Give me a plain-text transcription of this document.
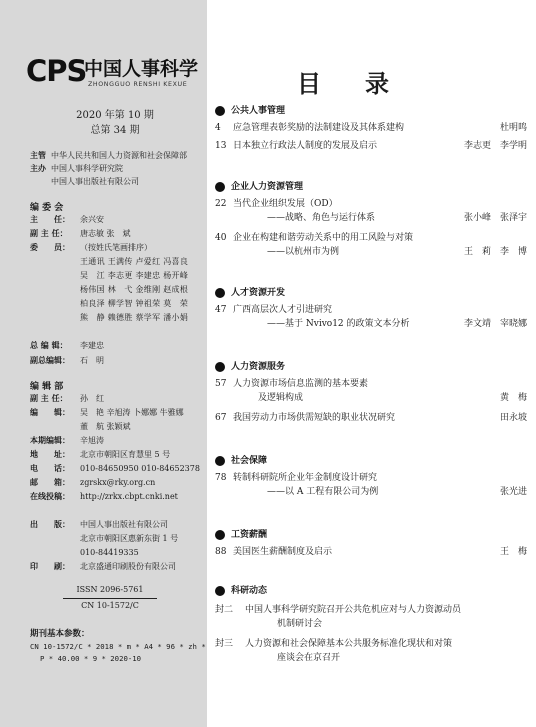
CPS
中国人事科学
ZHONGGUO RENSHI KEXUE
2020 年第 10 期
总第 34 期
主管 中华人民共和国人力资源和社会保障部
主办 中国人事科学研究院
中国人事出版社有限公司
编 委 会
主　　任： 余兴安
副 主 任： 唐志敏 张　斌
委　　员： （按姓氏笔画排序）
王通讯 王满传 卢爱红 冯喜良
吴　江 李志更 李建忠 杨开峰
杨伟国 林　弋 金维刚 赵成根
柏良泽 柳学智 钟祖荣 莫　荣
熊　静 赖德胜 蔡学军 潘小娟
总 编 辑： 李建忠
副总编辑： 石　明
编 辑 部
副 主 任： 孙　红
编　　辑： 吴　艳 辛旭涛 卜娜娜 牛雅娜
董　航 张颖斌
本期编辑： 辛旭涛
地　　址： 北京市朝阳区育慧里 5 号
电　　话： 010-84650950 010-84652378
邮　　箱： zgrskx@rky.org.cn
在线投稿： http://zrkx.cbpt.cnki.net
出　　版： 中国人事出版社有限公司
北京市朝阳区惠新东街 1 号
010-84419335
印　　刷： 北京盛通印刷股份有限公司
ISSN 2096-5761
CN 10-1572/C
期刊基本参数：
CN 10-1572/C * 2018 * m * A4 * 96 * zh *
P * 40.00 * 9 * 2020-10
目录
公共人事管理
4 应急管理表彰奖励的法制建设及其体系建构	杜明鸣
13 日本独立行政法人制度的发展及启示	李志更　李学明
企业人力资源管理
22 当代企业组织发展（OD）
——战略、角色与运行体系	张小峰　张泽宇
40 企业在构建和谐劳动关系中的用工风险与对策
——以杭州市为例	王　莉　李　博
人才资源开发
47 广西高层次人才引进研究
——基于 Nvivo12 的政策文本分析	李文靖　宰晓娜
人力资源服务
57 人力资源市场信息监测的基本要素
及逻辑构成	黄　梅
67 我国劳动力市场供需短缺的职业状况研究	田永坡
社会保障
78 转制科研院所企业年金制度设计研究
——以 A 工程有限公司为例	张光进
工资薪酬
88 美国医生薪酬制度及启示	王　梅
科研动态
封二 中国人事科学研究院召开公共危机应对与人力资源动员
机制研讨会
封三 人力资源和社会保障基本公共服务标准化现状和对策
座谈会在京召开
